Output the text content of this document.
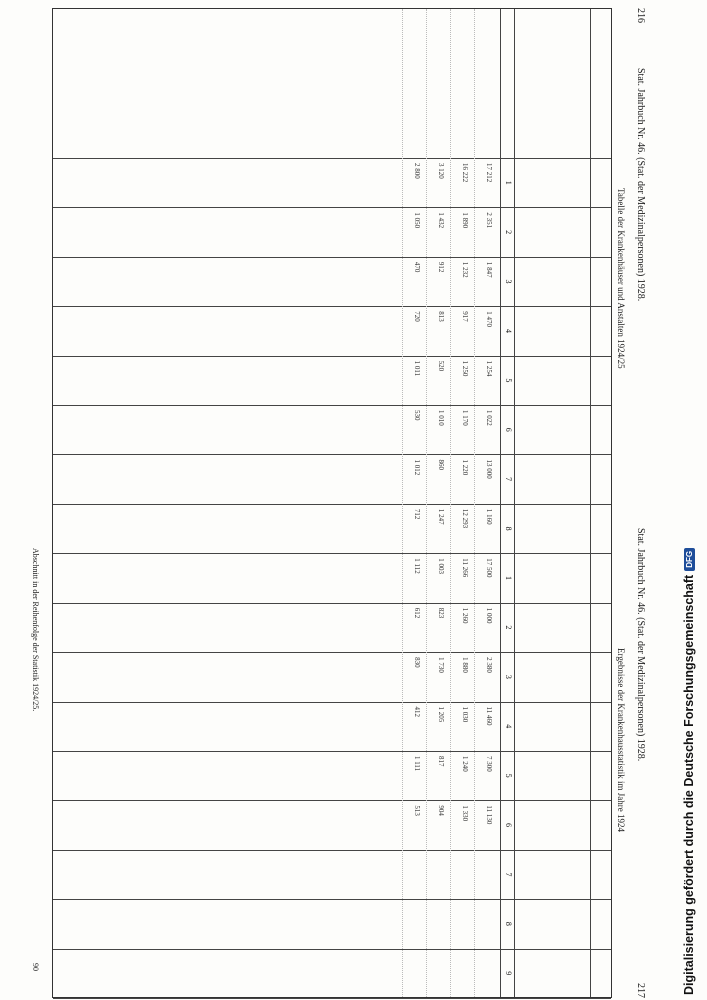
216
Stat. Jahrbuch Nr. 46. (Stat. der Medizinalpersonen) 1928.
Stat. Jahrbuch Nr. 46. (Stat. der Medizinalpersonen) 1928.
217
Tabelle der Krankenhäuser und Anstalten 1924/25
Ergebnisse der Krankenhausstatistik im Jahre 1924
1
2
3
4
5
6
7
8
1
2
3
4
5
6
7
8
9
17 212
2 351
1 847
1 470
1 254
1 022
13 000
1 160
17 500
1 000
2 380
11 460
7 300
11 130
16 222
1 890
1 232
917
1 250
1 170
1 220
12 293
11 266
1 260
1 880
1 030
1 240
1 330
3 120
1 432
912
813
520
1 010
860
1 247
1 003
823
1 730
1 205
817
904
2 800
1 050
470
720
1 011
530
1 012
712
1 112
612
830
412
1 111
513
Abschnitt in der Reihenfolge der Statistik 1924/25.
90	Digitalisierung gefördert durch die Deutsche Forschungsgemeinschaft
DFG
